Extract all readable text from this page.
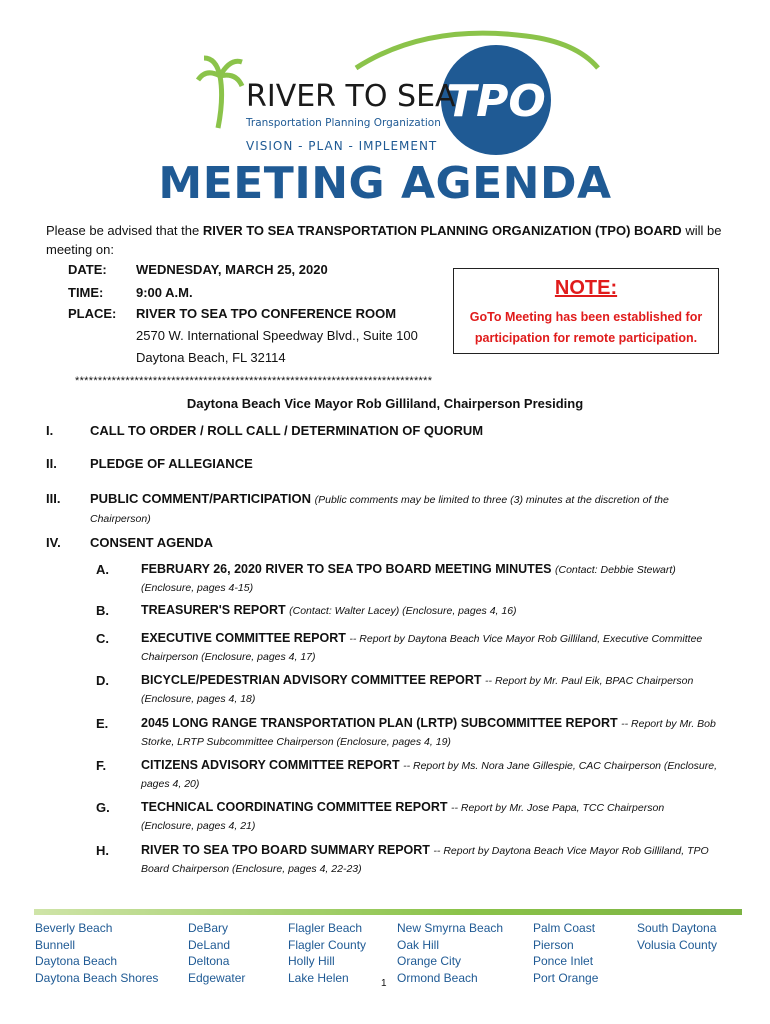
TPO
RIVER TO SEA
Transportation Planning Organization
VISION - PLAN - IMPLEMENT
MEETING AGENDA
Please be advised that the RIVER TO SEA TRANSPORTATION PLANNING ORGANIZATION (TPO) BOARD will be
meeting on:
DATE: WEDNESDAY, MARCH 25, 2020
TIME:	9:00 A.M.
PLACE: RIVER TO SEA TPO CONFERENCE ROOM
2570 W. International Speedway Blvd., Suite 100
Daytona Beach, FL 32114
NOTE:
GoTo Meeting has been established for
participation for remote participation.
******************************************************************************
Daytona Beach Vice Mayor Rob Gilliland, Chairperson Presiding
I.	CALL TO ORDER / ROLL CALL / DETERMINATION OF QUORUM
II.	PLEDGE OF ALLEGIANCE
III. PUBLIC COMMENT/PARTICIPATION (Public comments may be limited to three (3) minutes at the discretion of the
Chairperson)
IV. CONSENT AGENDA
A.	FEBRUARY 26, 2020 RIVER TO SEA TPO BOARD MEETING MINUTES (Contact: Debbie Stewart)
(Enclosure, pages 4-15)
B.	TREASURER'S REPORT (Contact: Walter Lacey) (Enclosure, pages 4, 16)
C.	EXECUTIVE COMMITTEE REPORT -- Report by Daytona Beach Vice Mayor Rob Gilliland, Executive Committee
Chairperson (Enclosure, pages 4, 17)
D.	BICYCLE/PEDESTRIAN ADVISORY COMMITTEE REPORT -- Report by Mr. Paul Eik, BPAC Chairperson
(Enclosure, pages 4, 18)
E.	2045 LONG RANGE TRANSPORTATION PLAN (LRTP) SUBCOMMITTEE REPORT -- Report by Mr. Bob
Storke, LRTP Subcommittee Chairperson (Enclosure, pages 4, 19)
F.	CITIZENS ADVISORY COMMITTEE REPORT -- Report by Ms. Nora Jane Gillespie, CAC Chairperson (Enclosure,
pages 4, 20)
G.	TECHNICAL COORDINATING COMMITTEE REPORT -- Report by Mr. Jose Papa, TCC Chairperson
(Enclosure, pages 4, 21)
H.	RIVER TO SEA TPO BOARD SUMMARY REPORT -- Report by Daytona Beach Vice Mayor Rob Gilliland, TPO
Board Chairperson (Enclosure, pages 4, 22-23)
Beverly Beach
Bunnell
Daytona Beach
Daytona Beach Shores
DeBary
DeLand
Deltona
Edgewater
Flagler Beach
Flagler County
Holly Hill
Lake Helen
New Smyrna Beach
Oak Hill
Orange City
Ormond Beach
Palm Coast
Pierson
Ponce Inlet
Port Orange
South Daytona
Volusia County
1
